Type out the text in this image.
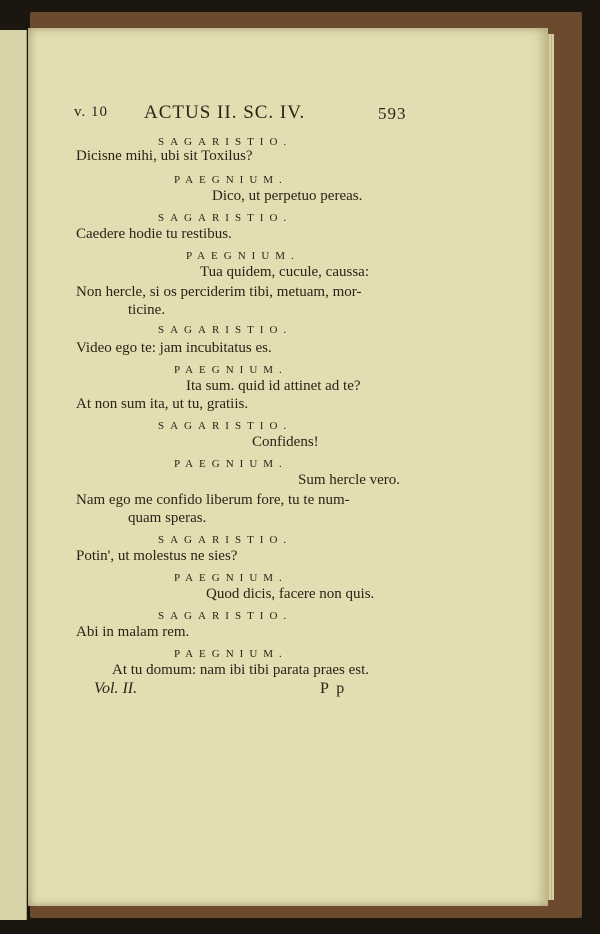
v. 10 ACTUS II. SC. IV.	593
SAGARISTIO.
Dicisne mihi, ubi sit Toxilus?
PAEGNIUM.
Dico, ut perpetuo pereas.
SAGARISTIO.
Caedere hodie tu restibus.
PAEGNIUM.
Tua quidem, cucule, caussa:
Non hercle, si os perciderim tibi, metuam, mor-
ticine.
SAGARISTIO.
Video ego te: jam incubitatus es.
PAEGNIUM.
Ita sum. quid id attinet ad te?
At non sum ita, ut tu, gratiis.
SAGARISTIO.
Confidens!
PAEGNIUM.
Sum hercle vero.
Nam ego me confido liberum fore, tu te num-
quam speras.
SAGARISTIO.
Potin', ut molestus ne sies?
PAEGNIUM.
Quod dicis, facere non quis.
SAGARISTIO.
Abi in malam rem.
PAEGNIUM.
At tu domum: nam ibi tibi parata praes est.
Vol. II.	P p
